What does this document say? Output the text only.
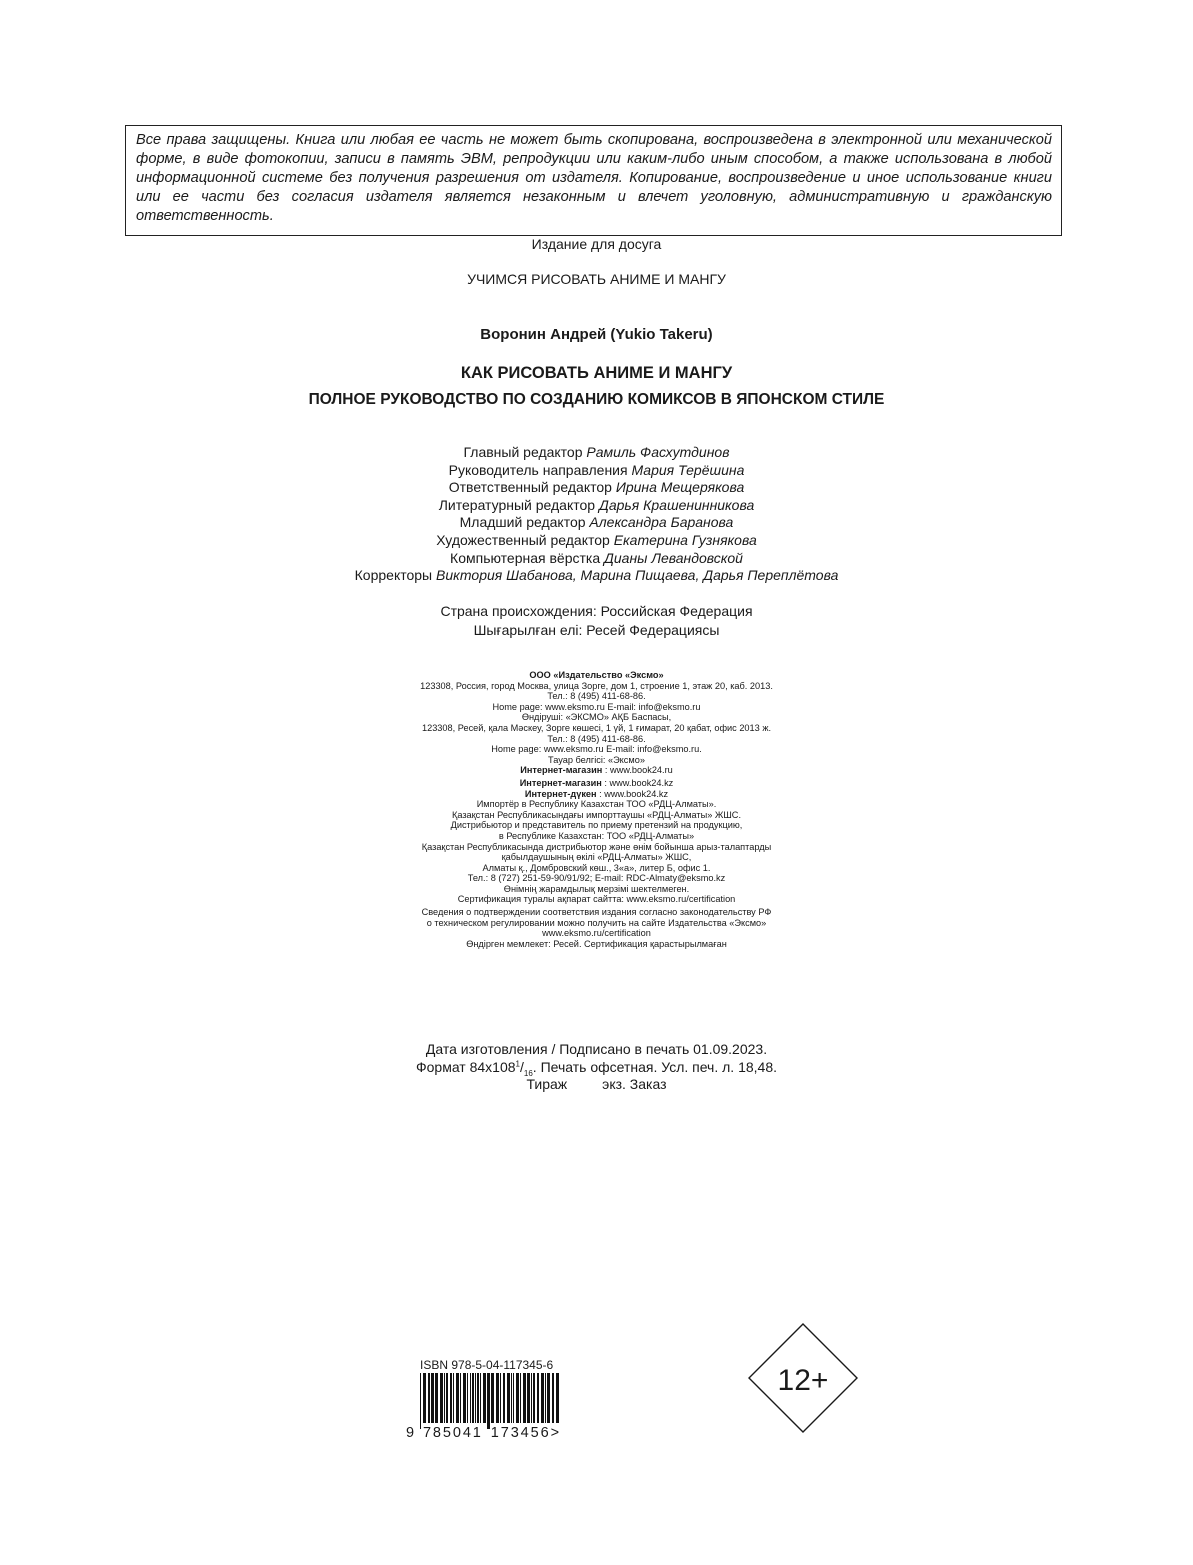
Все права защищены. Книга или любая ее часть не может быть скопирована, воспроизведена в электронной или механической форме, в виде фотокопии, записи в память ЭВМ, репродукции или каким-либо иным способом, а также использована в любой информационной системе без получения разрешения от издателя. Копирование, воспроизведение и иное использование книги или ее части без согласия издателя является незаконным и влечет уголовную, административную и гражданскую ответственность.

Издание для досуга
УЧИМСЯ РИСОВАТЬ АНИМЕ И МАНГУ
Воронин Андрей (Yukio Takeru)
КАК РИСОВАТЬ АНИМЕ И МАНГУ
ПОЛНОЕ РУКОВОДСТВО ПО СОЗДАНИЮ КОМИКСОВ В ЯПОНСКОМ СТИЛЕ
Главный редактор Рамиль Фасхутдинов
Руководитель направления Мария Терёшина
Ответственный редактор Ирина Мещерякова
Литературный редактор Дарья Крашенинникова
Младший редактор Александра Баранова
Художественный редактор Екатерина Гузнякова
Компьютерная вёрстка Дианы Левандовской
Корректоры Виктория Шабанова, Марина Пищаева, Дарья Переплётова
Страна происхождения: Российская Федерация
Шығарылған елі: Ресей Федерациясы
ООО «Издательство «Эксмо»
123308, Россия, город Москва, улица Зорге, дом 1, строение 1, этаж 20, каб. 2013.
Тел.: 8 (495) 411-68-86.
Home page: www.eksmo.ru E-mail: info@eksmo.ru
Өндіруші: «ЭКСМО» АҚБ Баспасы,
123308, Ресей, қала Мәскеу, Зорге көшесі, 1 үй, 1 ғимарат, 20 қабат, офис 2013 ж.
Тел.: 8 (495) 411-68-86.
Home page: www.eksmo.ru E-mail: info@eksmo.ru.
Тауар белгісі: «Эксмо»
Интернет-магазин : www.book24.ru
Интернет-магазин : www.book24.kz
Интернет-дүкен : www.book24.kz
Импортёр в Республику Казахстан ТОО «РДЦ-Алматы».
Қазақстан Республикасындағы импорттаушы «РДЦ-Алматы» ЖШС.
Дистрибьютор и представитель по приему претензий на продукцию,
в Республике Казахстан: ТОО «РДЦ-Алматы»
Қазақстан Республикасында дистрибьютор және өнім бойынша арыз-талаптарды
қабылдаушының өкілі «РДЦ-Алматы» ЖШС,
Алматы қ., Домбровский көш., 3«а», литер Б, офис 1.
Тел.: 8 (727) 251-59-90/91/92; E-mail: RDC-Almaty@eksmo.kz
Өнімнің жарамдылық мерзімі шектелмеген.
Сертификация туралы ақпарат сайтта: www.eksmo.ru/certification
Сведения о подтверждении соответствия издания согласно законодательству РФ
о техническом регулировании можно получить на сайте Издательства «Эксмо»
www.eksmo.ru/certification
Өндірген мемлекет: Ресей. Сертификация қарастырылмаған
Дата изготовления / Подписано в печать 01.09.2023.
Формат $84х108^1/_{16}$. Печать офсетная. Усл. печ. л. 18,48.
Тираж         экз. Заказ
ISBN 978-5-04-117345-6
9 785041 173456>
12+
